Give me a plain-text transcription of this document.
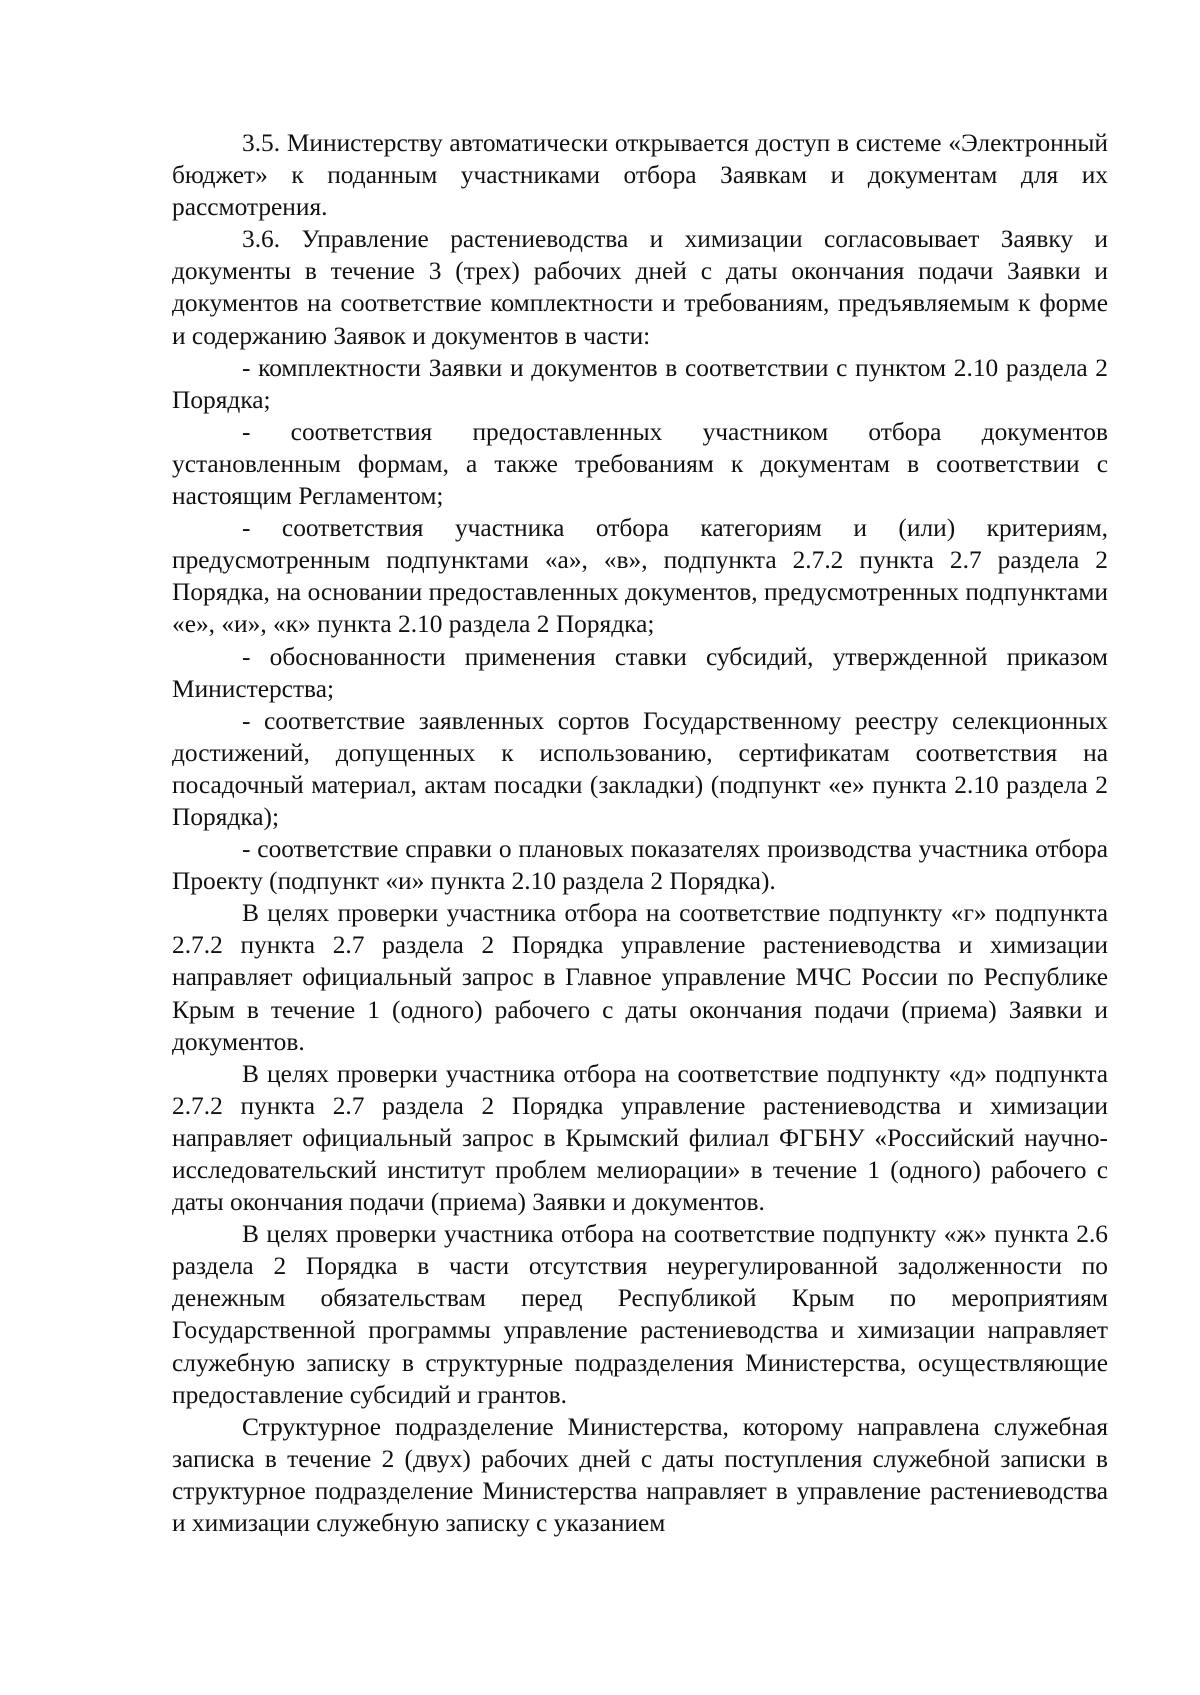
3.5. Министерству автоматически открывается доступ в системе «Электронный бюджет» к поданным участниками отбора Заявкам и документам для их рассмотрения.

3.6. Управление растениеводства и химизации согласовывает Заявку и документы в течение 3 (трех) рабочих дней с даты окончания подачи Заявки и документов на соответствие комплектности и требованиям, предъявляемым к форме и содержанию Заявок и документов в части:

- комплектности Заявки и документов в соответствии с пунктом 2.10 раздела 2 Порядка;

- соответствия предоставленных участником отбора документов установленным формам, а также требованиям к документам в соответствии с настоящим Регламентом;

- соответствия участника отбора категориям и (или) критериям, предусмотренным подпунктами «а», «в», подпункта 2.7.2 пункта 2.7 раздела 2 Порядка, на основании предоставленных документов, предусмотренных подпунктами «е», «и», «к» пункта 2.10 раздела 2 Порядка;

- обоснованности применения ставки субсидий, утвержденной приказом Министерства;

- соответствие заявленных сортов Государственному реестру селекционных достижений, допущенных к использованию, сертификатам соответствия на посадочный материал, актам посадки (закладки) (подпункт «е» пункта 2.10 раздела 2 Порядка);

- соответствие справки о плановых показателях производства участника отбора Проекту (подпункт «и» пункта 2.10 раздела 2 Порядка).

В целях проверки участника отбора на соответствие подпункту «г» подпункта 2.7.2 пункта 2.7 раздела 2 Порядка управление растениеводства и химизации направляет официальный запрос в Главное управление МЧС России по Республике Крым в течение 1 (одного) рабочего с даты окончания подачи (приема) Заявки и документов.

В целях проверки участника отбора на соответствие подпункту «д» подпункта 2.7.2 пункта 2.7 раздела 2 Порядка управление растениеводства и химизации направляет официальный запрос в Крымский филиал ФГБНУ «Российский научно-исследовательский институт проблем мелиорации» в течение 1 (одного) рабочего с даты окончания подачи (приема) Заявки и документов.

В целях проверки участника отбора на соответствие подпункту «ж» пункта 2.6 раздела 2 Порядка в части отсутствия неурегулированной задолженности по денежным обязательствам перед Республикой Крым по мероприятиям Государственной программы управление растениеводства и химизации направляет служебную записку в структурные подразделения Министерства, осуществляющие предоставление субсидий и грантов.

Структурное подразделение Министерства, которому направлена служебная записка в течение 2 (двух) рабочих дней с даты поступления служебной записки в структурное подразделение Министерства направляет в управление растениеводства и химизации служебную записку с указанием
